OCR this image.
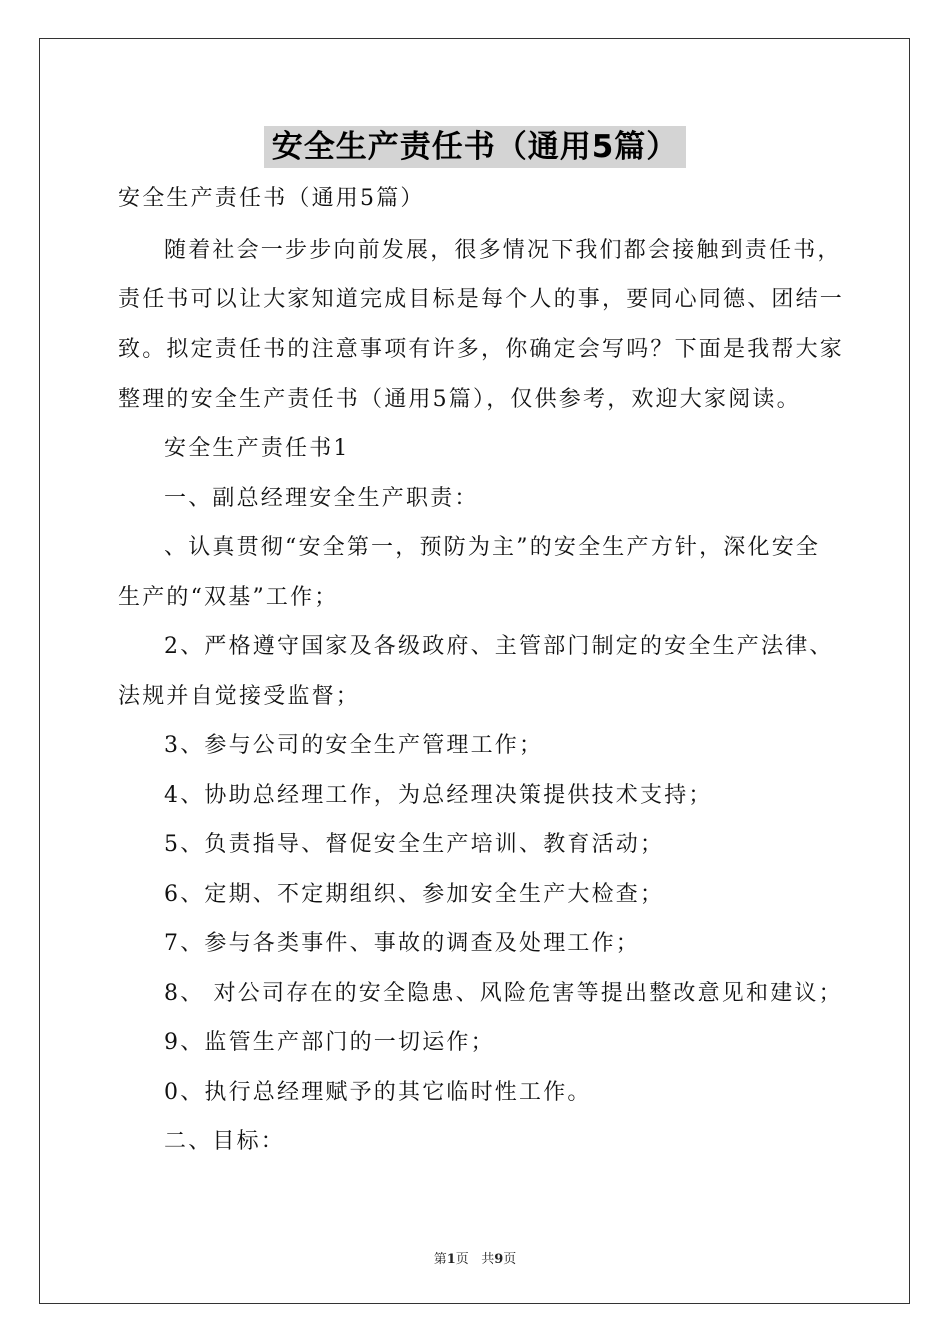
安全生产责任书（通用5篇）
安全生产责任书（通用5篇）
随着社会一步步向前发展，很多情况下我们都会接触到责任书，
责任书可以让大家知道完成目标是每个人的事，要同心同德、团结一
致。拟定责任书的注意事项有许多，你确定会写吗？下面是我帮大家
整理的安全生产责任书（通用5篇），仅供参考，欢迎大家阅读。
安全生产责任书1
一、副总经理安全生产职责：
、认真贯彻“安全第一，预防为主”的安全生产方针，深化安全
生产的“双基”工作；
2、严格遵守国家及各级政府、主管部门制定的安全生产法律、
法规并自觉接受监督；
3、参与公司的安全生产管理工作；
4、协助总经理工作，为总经理决策提供技术支持；
5、负责指导、督促安全生产培训、教育活动；
6、定期、不定期组织、参加安全生产大检查；
7、参与各类事件、事故的调查及处理工作；
8、 对公司存在的安全隐患、风险危害等提出整改意见和建议；
9、监管生产部门的一切运作；
0、执行总经理赋予的其它临时性工作。
二、目标：
第1页   共9页
